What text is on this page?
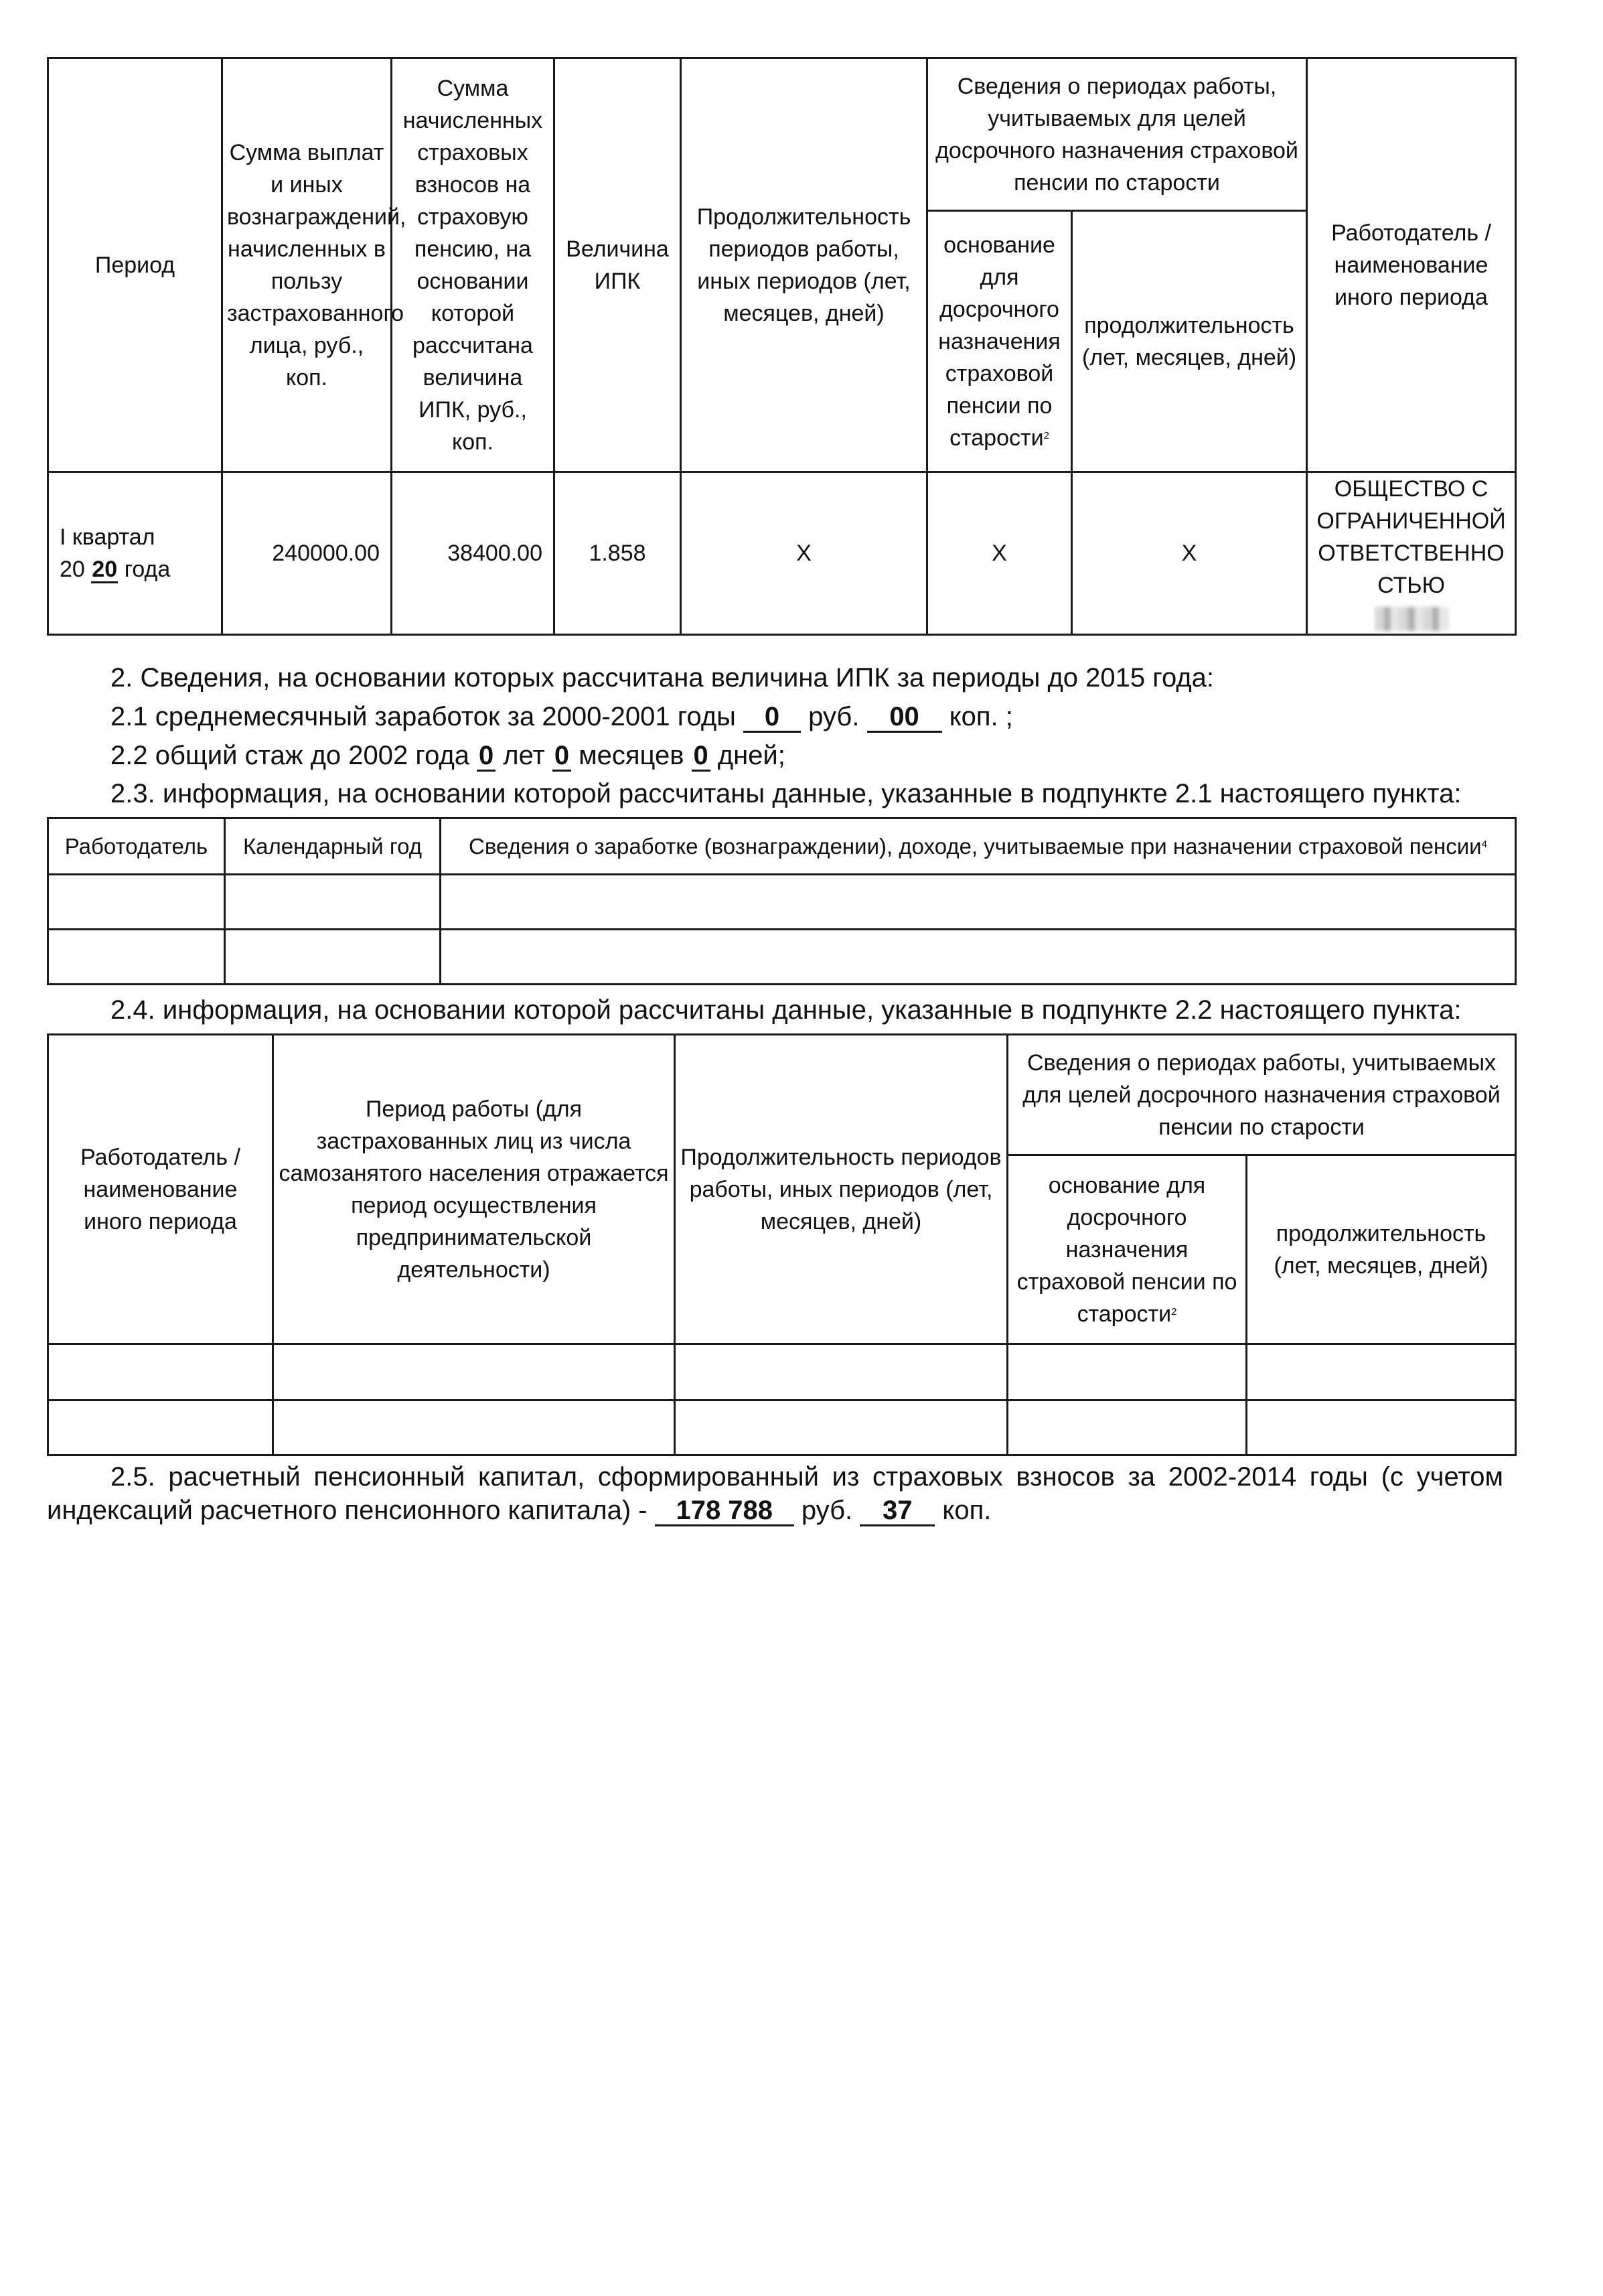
Период	Сумма выплат и иных вознаграждений, начисленных в пользу застрахованного лица, руб., коп.	Сумма начисленных страховых взносов на страховую пенсию, на основании которой рассчитана величина ИПК, руб., коп.	Величина ИПК	Продолжительность периодов работы, иных периодов (лет, месяцев, дней)	Сведения о периодах работы, учитываемых для целей досрочного назначения страховой пенсии по старости		Работодатель / наименование иного периода
					основание для досрочного назначения страховой пенсии по старости$^2$	продолжительность (лет, месяцев, дней)	

I квартал
20 20 года	240000.00	38400.00	1.858	X	X	X	ОБЩЕСТВО С ОГРАНИЧЕННОЙ ОТВЕТСТВЕННОСТЬЮ
2. Сведения, на основании которых рассчитана величина ИПК за периоды до 2015 года:
2.1 среднемесячный заработок за 2000-2001 годы 0 руб. 00 коп. ;
2.2 общий стаж до 2002 года 0 лет 0 месяцев 0 дней;
2.3. информация, на основании которой рассчитаны данные, указанные в подпункте 2.1 настоящего пункта:
Работодатель	Календарный год	Сведения о заработке (вознаграждении), доходе, учитываемые при назначении страховой пенсии$^4$

2.4. информация, на основании которой рассчитаны данные, указанные в подпункте 2.2 настоящего пункта:
Работодатель / наименование иного периода	Период работы (для застрахованных лиц из числа самозанятого населения отражается период осуществления предпринимательской деятельности)	Продолжительность периодов работы, иных периодов (лет, месяцев, дней)	Сведения о периодах работы, учитываемых для целей досрочного назначения страховой пенсии по старости	
			основание для досрочного назначения страховой пенсии по старости$^2$	продолжительность (лет, месяцев, дней)

2.5. расчетный пенсионный капитал, сформированный из страховых взносов за 2002-2014 годы (с учетом
индексаций расчетного пенсионного капитала) - 178 788 руб. 37 коп.
